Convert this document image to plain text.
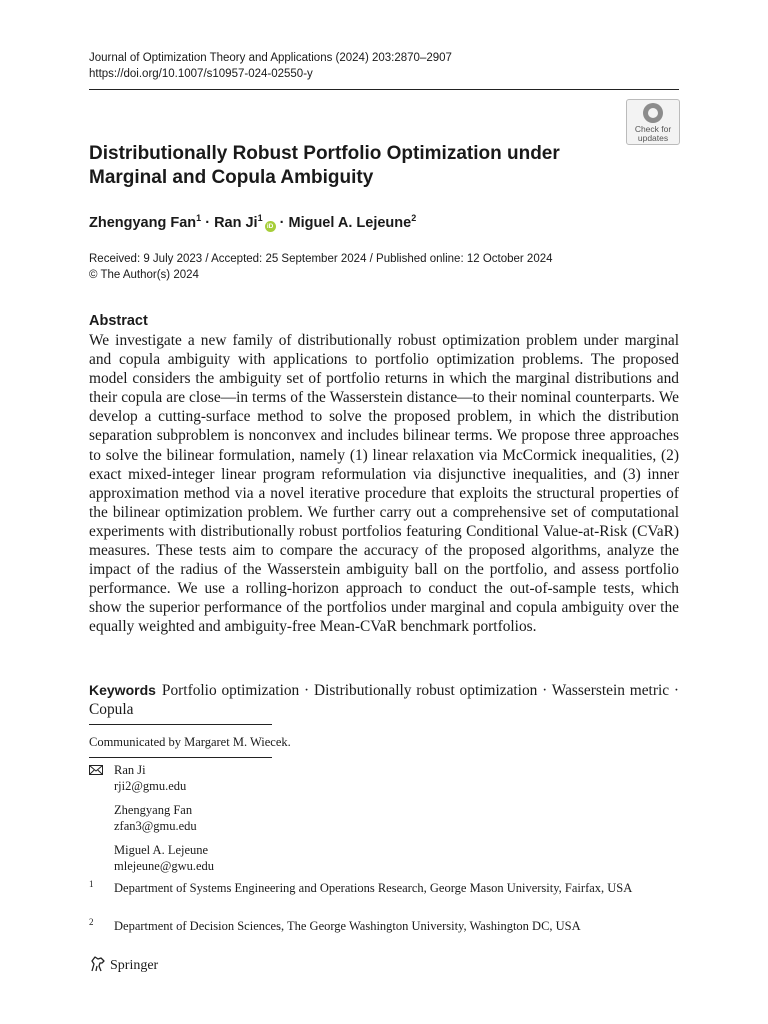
Journal of Optimization Theory and Applications (2024) 203:2870–2907
https://doi.org/10.1007/s10957-024-02550-y
Check for
updates
Distributionally Robust Portfolio Optimization under Marginal and Copula Ambiguity
Zhengyang Fan$^1$ · Ran $Ji^1iD$ · Miguel A. Lejeune$^2$
Received: 9 July 2023 / Accepted: 25 September 2024 / Published online: 12 October 2024
© The Author(s) 2024
Abstract
We investigate a new family of distributionally robust optimization problem under marginal and copula ambiguity with applications to portfolio optimization problems. The proposed model considers the ambiguity set of portfolio returns in which the marginal distributions and their copula are close—in terms of the Wasserstein distance—to their nominal counterparts. We develop a cutting-surface method to solve the proposed problem, in which the distribution separation subproblem is nonconvex and includes bilinear terms. We propose three approaches to solve the bilinear formulation, namely (1) linear relaxation via McCormick inequalities, (2) exact mixed-integer linear program reformulation via disjunctive inequalities, and (3) inner approximation method via a novel iterative procedure that exploits the structural properties of the bilinear optimization problem. We further carry out a comprehensive set of computational experiments with distributionally robust portfolios featuring Conditional Value-at-Risk (CVaR) measures. These tests aim to compare the accuracy of the proposed algorithms, analyze the impact of the radius of the Wasserstein ambiguity ball on the portfolio, and assess portfolio performance. We use a rolling-horizon approach to conduct the out-of-sample tests, which show the superior performance of the portfolios under marginal and copula ambiguity over the equally weighted and ambiguity-free Mean-CVaR benchmark portfolios.
Keywords Portfolio optimization · Distributionally robust optimization · Wasserstein metric · Copula
Communicated by Margaret M. Wiecek.
Ran Ji
rji2@gmu.edu
Zhengyang Fan
zfan3@gmu.edu
Miguel A. Lejeune
mlejeune@gwu.edu
1 Department of Systems Engineering and Operations Research, George Mason University, Fairfax, USA
2 Department of Decision Sciences, The George Washington University, Washington DC, USA
Springer
